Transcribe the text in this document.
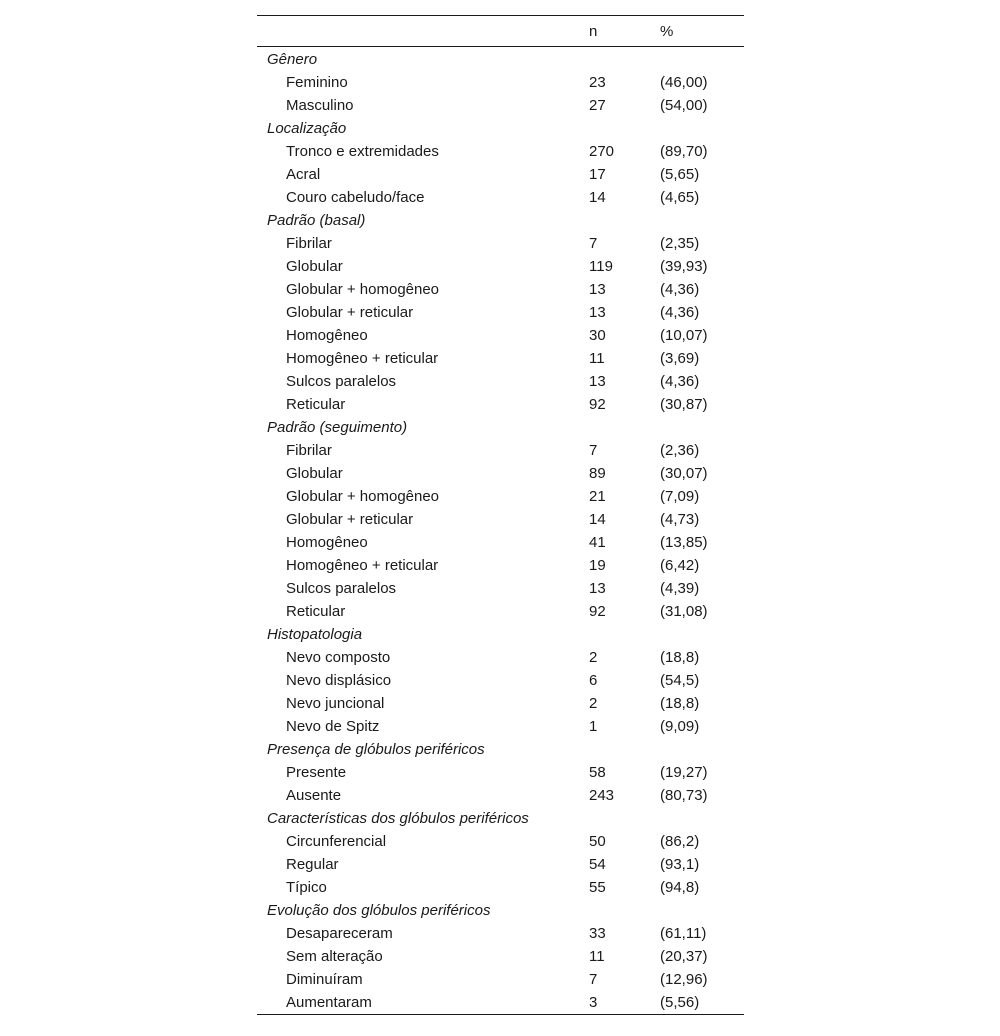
	n	%
Gênero		
Feminino	23	(46,00)
Masculino	27	(54,00)
Localização		
Tronco e extremidades	270	(89,70)
Acral	17	(5,65)
Couro cabeludo/face	14	(4,65)
Padrão (basal)		
Fibrilar	7	(2,35)
Globular	119	(39,93)
Globular + homogêneo	13	(4,36)
Globular + reticular	13	(4,36)
Homogêneo	30	(10,07)
Homogêneo + reticular	11	(3,69)
Sulcos paralelos	13	(4,36)
Reticular	92	(30,87)
Padrão (seguimento)		
Fibrilar	7	(2,36)
Globular	89	(30,07)
Globular + homogêneo	21	(7,09)
Globular + reticular	14	(4,73)
Homogêneo	41	(13,85)
Homogêneo + reticular	19	(6,42)
Sulcos paralelos	13	(4,39)
Reticular	92	(31,08)
Histopatologia		
Nevo composto	2	(18,8)
Nevo displásico	6	(54,5)
Nevo juncional	2	(18,8)
Nevo de Spitz	1	(9,09)
Presença de glóbulos periféricos		
Presente	58	(19,27)
Ausente	243	(80,73)
Características dos glóbulos periféricos		
Circunferencial	50	(86,2)
Regular	54	(93,1)
Típico	55	(94,8)
Evolução dos glóbulos periféricos		
Desapareceram	33	(61,11)
Sem alteração	11	(20,37)
Diminuíram	7	(12,96)
Aumentaram	3	(5,56)
